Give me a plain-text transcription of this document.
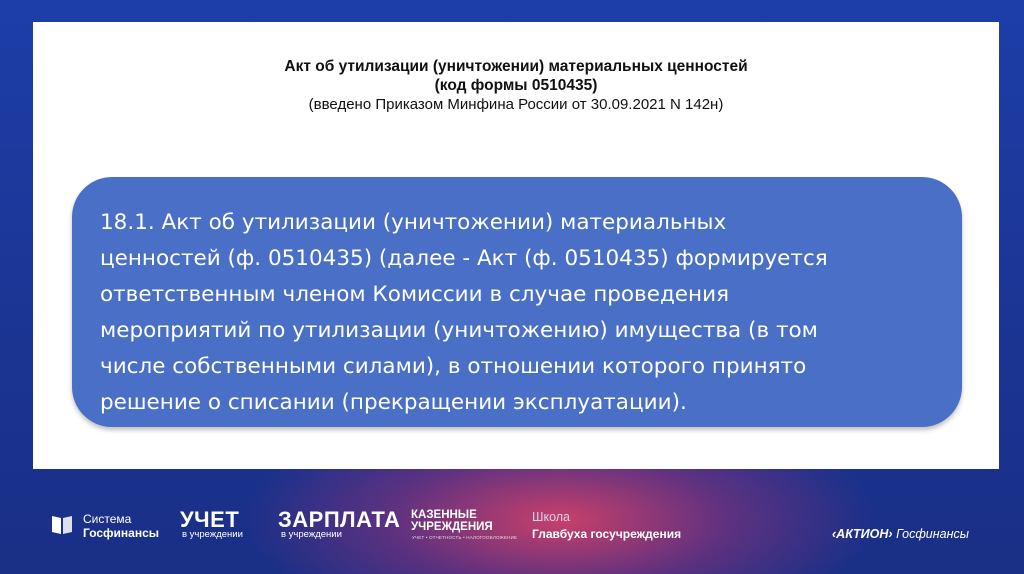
Акт об утилизации (уничтожении) материальных ценностей
(код формы 0510435)
(введено Приказом Минфина России от 30.09.2021 N 142н)
18.1. Акт об утилизации (уничтожении) материальных
ценностей (ф. 0510435) (далее - Акт (ф. 0510435) формируется
ответственным членом Комиссии в случае проведения
мероприятий по утилизации (уничтожению) имущества (в том
числе собственными силами), в отношении которого принято
решение о списании (прекращении эксплуатации).
Система
Госфинансы
УЧЕТ
в учреждении
ЗАРПЛАТА
в учреждении
КАЗЕННЫЕ
УЧРЕЖДЕНИЯ
УЧЕТ • ОТЧЕТНОСТЬ • НАЛОГООБЛОЖЕНИЕ
Школа
Главбуха госучреждения	‹АКТИОН› Госфинансы
